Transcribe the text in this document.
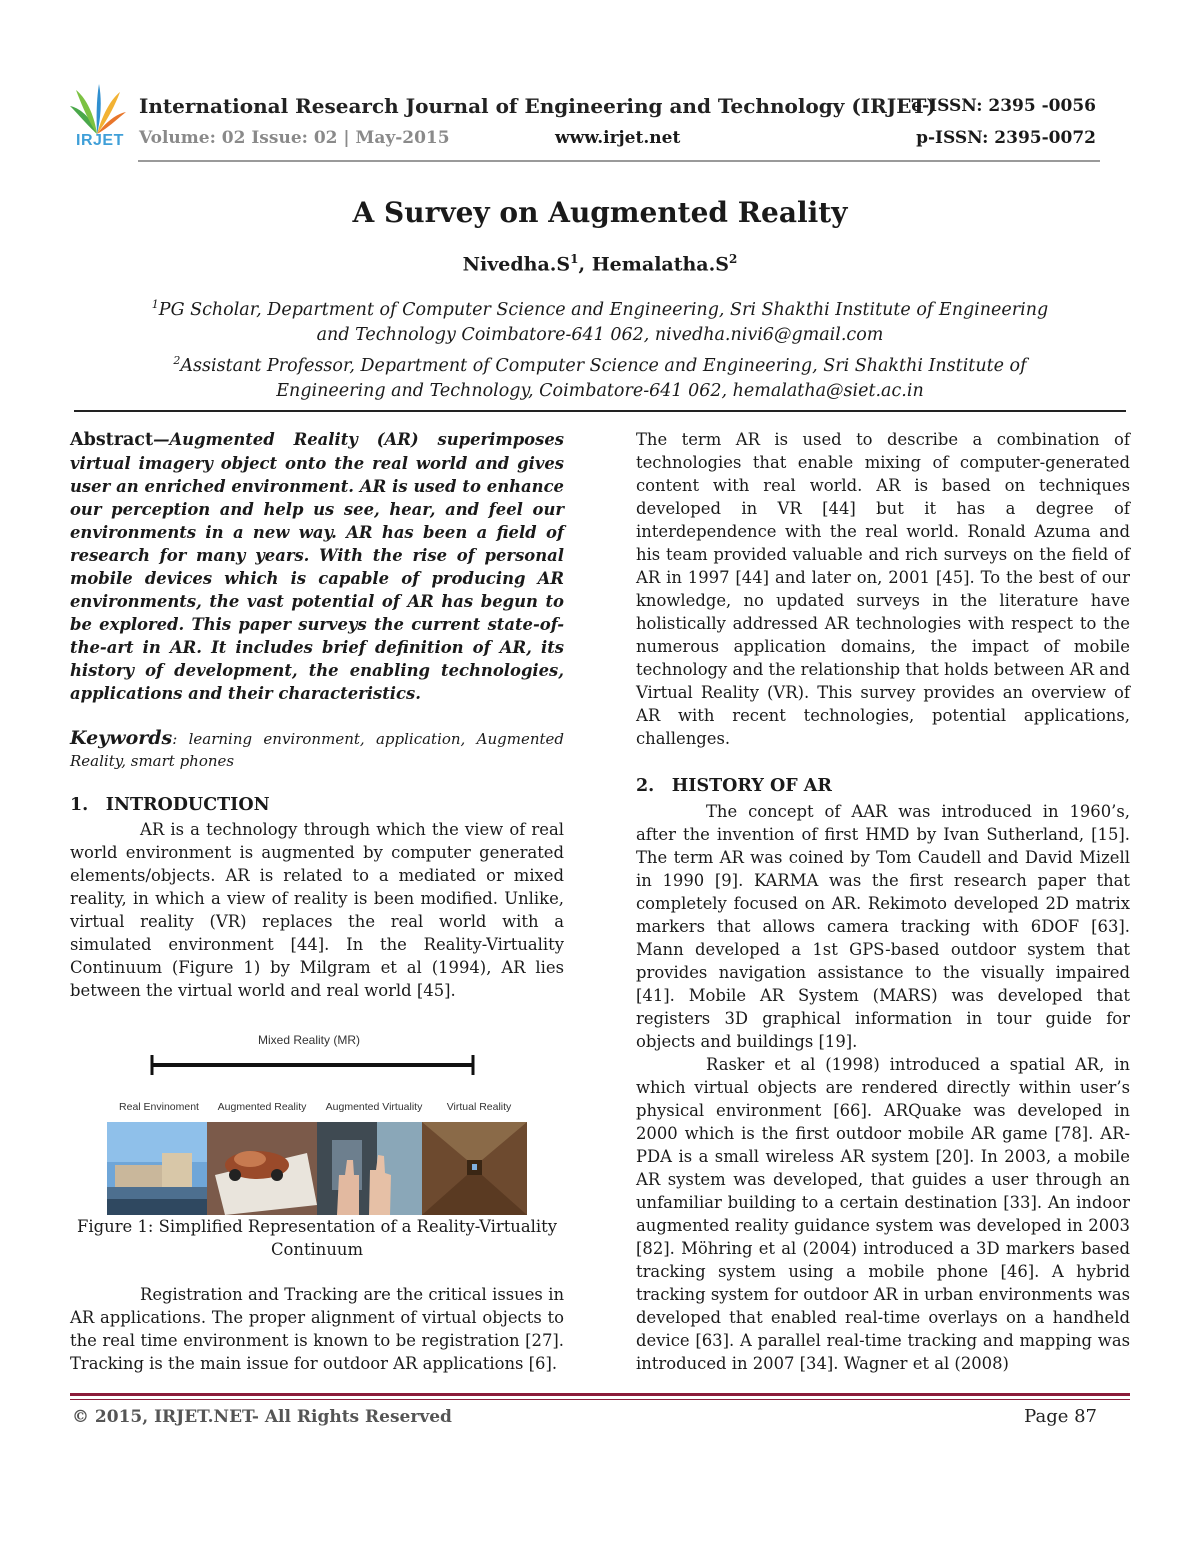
IRJET
International Research Journal of Engineering and Technology (IRJET)
e-ISSN: 2395 -0056
Volume: 02 Issue: 02 | May-2015	www.irjet.net	p-ISSN: 2395-0072
A Survey on Augmented Reality
$Nivedha.S^1$, $Hemalatha.S^2$
$^1$PG Scholar, Department of Computer Science and Engineering, Sri Shakthi Institute of Engineering
and Technology Coimbatore-641 062, nivedha.nivi6@gmail.com
$^2$Assistant Professor, Department of Computer Science and Engineering, Sri Shakthi Institute of
Engineering and Technology, Coimbatore-641 062, hemalatha@siet.ac.in

Abstract—Augmented Reality (AR) superimposes virtual imagery object onto the real world and gives user an enriched environment. AR is used to enhance our perception and help us see, hear, and feel our environments in a new way. AR has been a field of research for many years. With the rise of personal mobile devices which is capable of producing AR environments, the vast potential of AR has begun to be explored. This paper surveys the current state-of-the-art in AR. It includes brief definition of AR, its history of development, the enabling technologies, applications and their characteristics.

Keywords: learning environment, application, Augmented Reality, smart phones

1. INTRODUCTION

AR is a technology through which the view of real world environment is augmented by computer generated elements/objects. AR is related to a mediated or mixed reality, in which a view of reality is been modified. Unlike, virtual reality (VR) replaces the real world with a simulated environment [44]. In the Reality-Virtuality Continuum (Figure 1) by Milgram et al (1994), AR lies between the virtual world and real world [45].

Mixed Reality (MR)
Real Envinoment Augmented Reality Augmented Virtuality Virtual Reality
Figure 1: Simplified Representation of a Reality-Virtuality
Continuum

Registration and Tracking are the critical issues in AR applications. The proper alignment of virtual objects to the real time environment is known to be registration [27]. Tracking is the main issue for outdoor AR applications [6].

The term AR is used to describe a combination of technologies that enable mixing of computer-generated content with real world. AR is based on techniques developed in VR [44] but it has a degree of interdependence with the real world. Ronald Azuma and his team provided valuable and rich surveys on the field of AR in 1997 [44] and later on, 2001 [45]. To the best of our knowledge, no updated surveys in the literature have holistically addressed AR technologies with respect to the numerous application domains, the impact of mobile technology and the relationship that holds between AR and Virtual Reality (VR). This survey provides an overview of AR with recent technologies, potential applications, challenges.

2. HISTORY OF AR

The concept of AAR was introduced in 1960’s, after the invention of first HMD by Ivan Sutherland, [15]. The term AR was coined by Tom Caudell and David Mizell in 1990 [9]. KARMA was the first research paper that completely focused on AR. Rekimoto developed 2D matrix markers that allows camera tracking with 6DOF [63]. Mann developed a 1st GPS-based outdoor system that provides navigation assistance to the visually impaired [41]. Mobile AR System (MARS) was developed that registers 3D graphical information in tour guide for objects and buildings [19].

Rasker et al (1998) introduced a spatial AR, in which virtual objects are rendered directly within user’s physical environment [66]. ARQuake was developed in 2000 which is the first outdoor mobile AR game [78]. AR-PDA is a small wireless AR system [20]. In 2003, a mobile AR system was developed, that guides a user through an unfamiliar building to a certain destination [33]. An indoor augmented reality guidance system was developed in 2003 [82]. Möhring et al (2004) introduced a 3D markers based tracking system using a mobile phone [46]. A hybrid tracking system for outdoor AR in urban environments was developed that enabled real-time overlays on a handheld device [63]. A parallel real-time tracking and mapping was introduced in 2007 [34]. Wagner et al (2008)

© 2015, IRJET.NET- All Rights Reserved	Page 87
